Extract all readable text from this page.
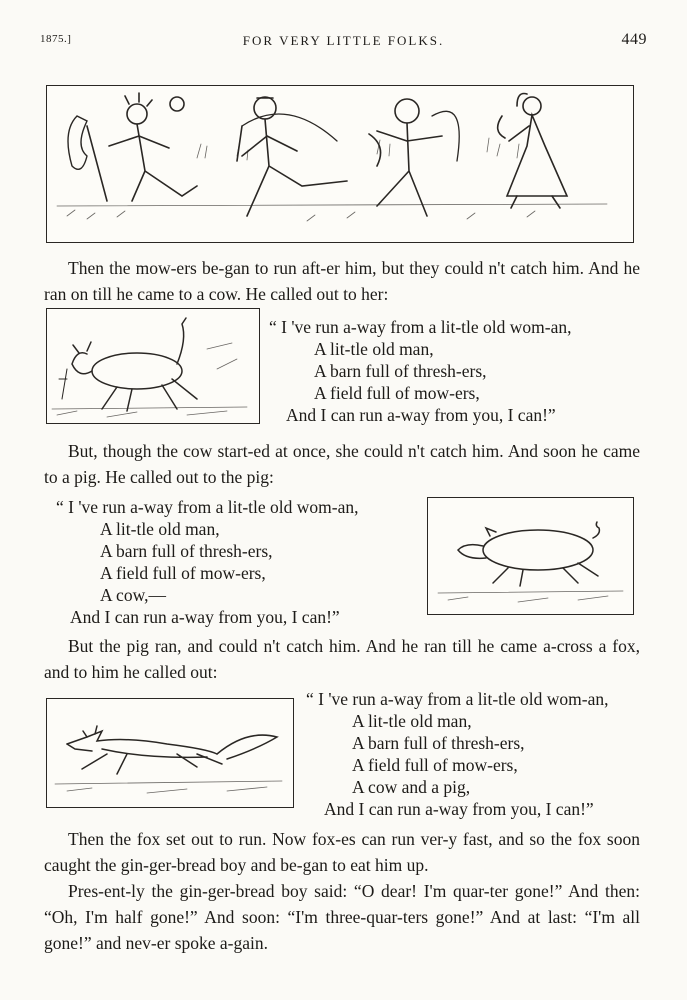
1875.]	FOR VERY LITTLE FOLKS.	449

Then the mow-ers be-gan to run aft-er him, but they could n't catch him. And he ran on till he came to a cow. He called out to her:

“ I 've run a-way from a lit-tle old wom-an,
A lit-tle old man,
A barn full of thresh-ers,
A field full of mow-ers,
And I can run a-way from you, I can!”

But, though the cow start-ed at once, she could n't catch him. And soon he came to a pig. He called out to the pig:

“ I 've run a-way from a lit-tle old wom-an,
A lit-tle old man,
A barn full of thresh-ers,
A field full of mow-ers,
A cow,—
And I can run a-way from you, I can!”

But the pig ran, and could n't catch him. And he ran till he came a-cross a fox, and to him he called out:

“ I 've run a-way from a lit-tle old wom-an,
A lit-tle old man,
A barn full of thresh-ers,
A field full of mow-ers,
A cow and a pig,
And I can run a-way from you, I can!”

Then the fox set out to run. Now fox-es can run ver-y fast, and so the fox soon caught the gin-ger-bread boy and be-gan to eat him up.

Pres-ent-ly the gin-ger-bread boy said: “O dear! I'm quar-ter gone!” And then: “Oh, I'm half gone!” And soon: “I'm three-quar-ters gone!” And at last: “I'm all gone!” and nev-er spoke a-gain.
